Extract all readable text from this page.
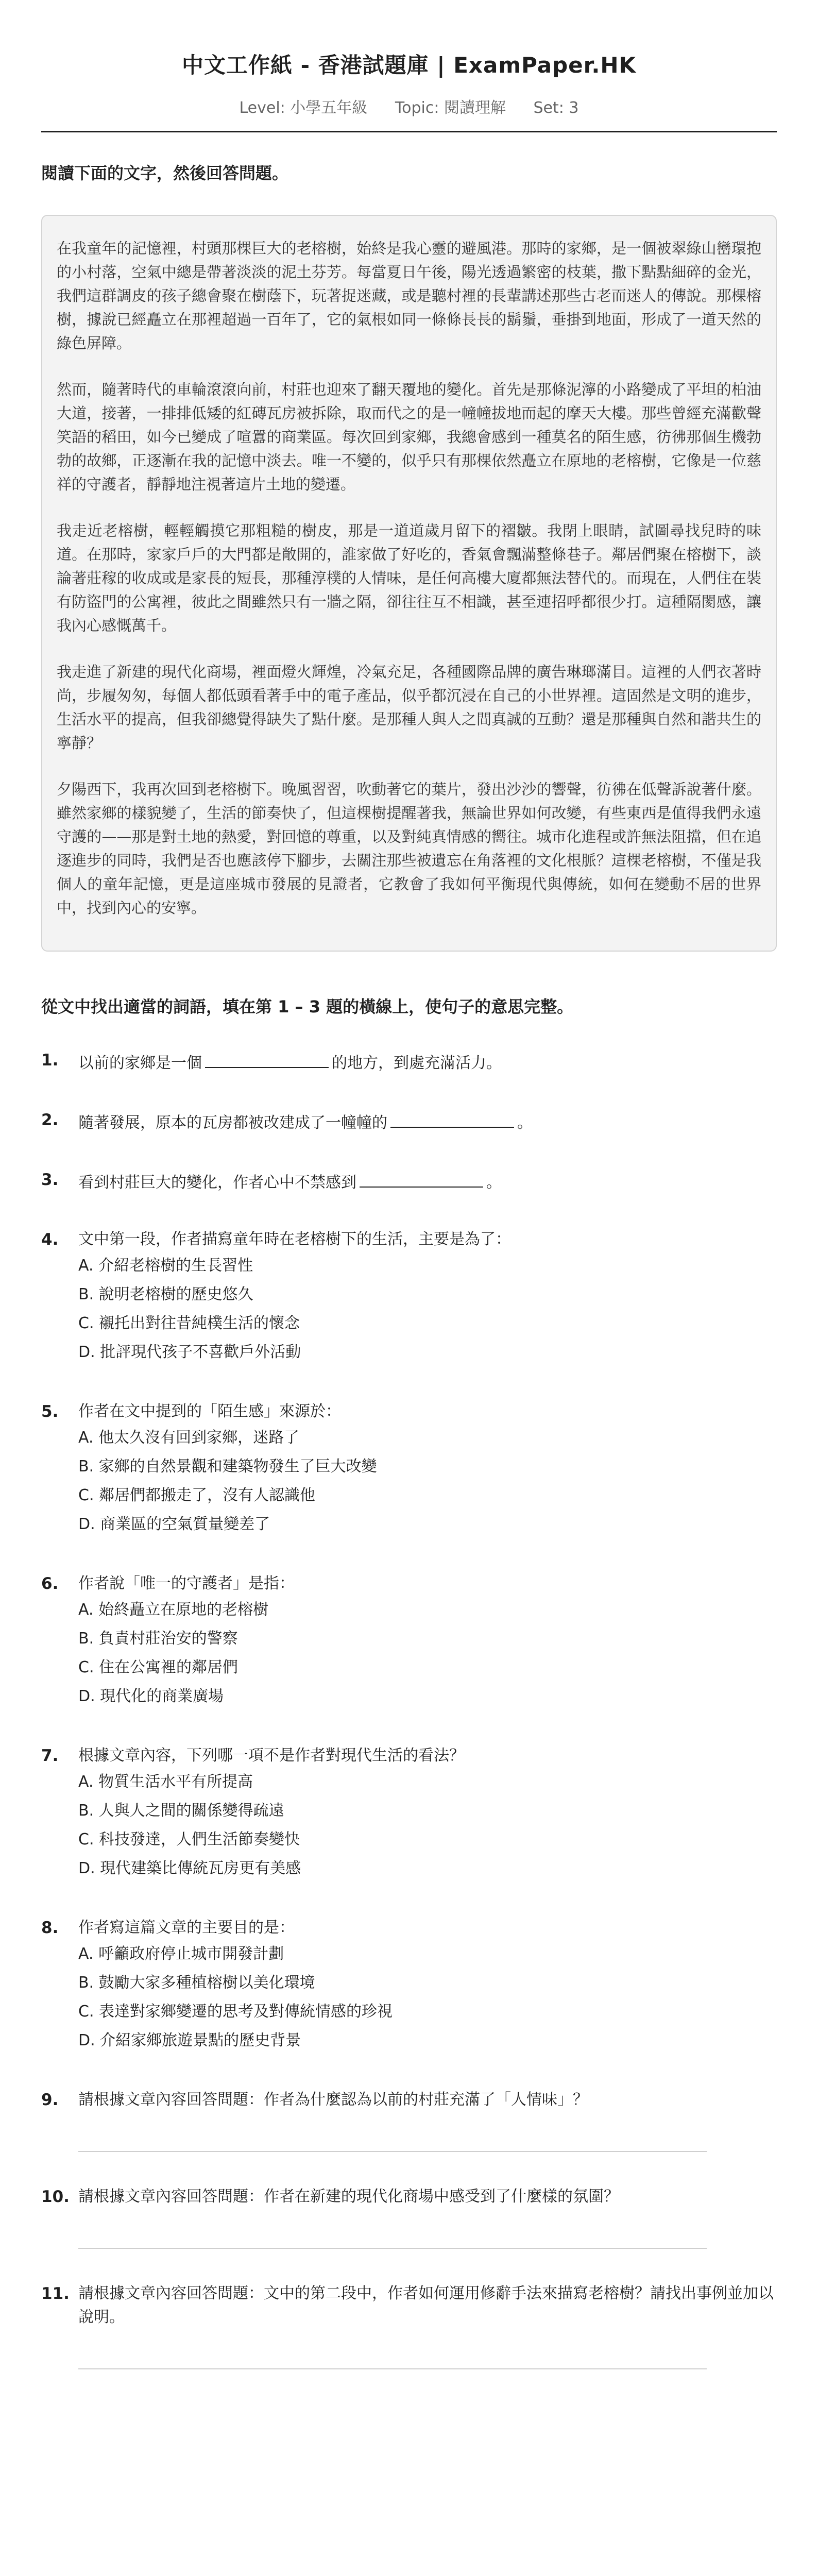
中文工作紙 - 香港試題庫 | ExamPaper.HK
Level: 小學五年級 Topic: 閱讀理解 Set: 3
閱讀下面的文字，然後回答問題。

在我童年的記憶裡，村頭那棵巨大的老榕樹，始終是我心靈的避風港。那時的家鄉，是一個被翠綠山巒環抱的小村落，空氣中總是帶著淡淡的泥土芬芳。每當夏日午後，陽光透過繁密的枝葉，撒下點點細碎的金光，我們這群調皮的孩子總會聚在樹蔭下，玩著捉迷藏，或是聽村裡的長輩講述那些古老而迷人的傳說。那棵榕樹，據說已經矗立在那裡超過一百年了，它的氣根如同一條條長長的鬍鬚，垂掛到地面，形成了一道天然的綠色屏障。

然而，隨著時代的車輪滾滾向前，村莊也迎來了翻天覆地的變化。首先是那條泥濘的小路變成了平坦的柏油大道，接著，一排排低矮的紅磚瓦房被拆除，取而代之的是一幢幢拔地而起的摩天大樓。那些曾經充滿歡聲笑語的稻田，如今已變成了喧囂的商業區。每次回到家鄉，我總會感到一種莫名的陌生感，彷彿那個生機勃勃的故鄉，正逐漸在我的記憶中淡去。唯一不變的，似乎只有那棵依然矗立在原地的老榕樹，它像是一位慈祥的守護者，靜靜地注視著這片土地的變遷。

我走近老榕樹，輕輕觸摸它那粗糙的樹皮，那是一道道歲月留下的褶皺。我閉上眼睛，試圖尋找兒時的味道。在那時，家家戶戶的大門都是敞開的，誰家做了好吃的，香氣會飄滿整條巷子。鄰居們聚在榕樹下，談論著莊稼的收成或是家長的短長，那種淳樸的人情味，是任何高樓大廈都無法替代的。而現在，人們住在裝有防盜門的公寓裡，彼此之間雖然只有一牆之隔，卻往往互不相識，甚至連招呼都很少打。這種隔閡感，讓我內心感慨萬千。

我走進了新建的現代化商場，裡面燈火輝煌，冷氣充足，各種國際品牌的廣告琳瑯滿目。這裡的人們衣著時尚，步履匆匆，每個人都低頭看著手中的電子產品，似乎都沉浸在自己的小世界裡。這固然是文明的進步，生活水平的提高，但我卻總覺得缺失了點什麼。是那種人與人之間真誠的互動？還是那種與自然和諧共生的寧靜？

夕陽西下，我再次回到老榕樹下。晚風習習，吹動著它的葉片，發出沙沙的響聲，彷彿在低聲訴說著什麼。雖然家鄉的樣貌變了，生活的節奏快了，但這棵樹提醒著我，無論世界如何改變，有些東西是值得我們永遠守護的——那是對土地的熱愛，對回憶的尊重，以及對純真情感的嚮往。城市化進程或許無法阻擋，但在追逐進步的同時，我們是否也應該停下腳步，去關注那些被遺忘在角落裡的文化根脈？這棵老榕樹，不僅是我個人的童年記憶，更是這座城市發展的見證者，它教會了我如何平衡現代與傳統，如何在變動不居的世界中，找到內心的安寧。

從文中找出適當的詞語，填在第 1 – 3 題的橫線上，使句子的意思完整。
1.	以前的家鄉是一個	的地方，到處充滿活力。
2.	隨著發展，原本的瓦房都被改建成了一幢幢的	。
3.	看到村莊巨大的變化，作者心中不禁感到	。
4.	文中第一段，作者描寫童年時在老榕樹下的生活，主要是為了：
A. 介紹老榕樹的生長習性
B. 說明老榕樹的歷史悠久
C. 襯托出對往昔純樸生活的懷念
D. 批評現代孩子不喜歡戶外活動
5.	作者在文中提到的「陌生感」來源於：
A. 他太久沒有回到家鄉，迷路了
B. 家鄉的自然景觀和建築物發生了巨大改變
C. 鄰居們都搬走了，沒有人認識他
D. 商業區的空氣質量變差了
6.	作者說「唯一的守護者」是指：
A. 始終矗立在原地的老榕樹
B. 負責村莊治安的警察
C. 住在公寓裡的鄰居們
D. 現代化的商業廣場
7.	根據文章內容，下列哪一項不是作者對現代生活的看法？
A. 物質生活水平有所提高
B. 人與人之間的關係變得疏遠
C. 科技發達，人們生活節奏變快
D. 現代建築比傳統瓦房更有美感
8.	作者寫這篇文章的主要目的是：
A. 呼籲政府停止城市開發計劃
B. 鼓勵大家多種植榕樹以美化環境
C. 表達對家鄉變遷的思考及對傳統情感的珍視
D. 介紹家鄉旅遊景點的歷史背景
9.	請根據文章內容回答問題：作者為什麼認為以前的村莊充滿了「人情味」？
10. 請根據文章內容回答問題：作者在新建的現代化商場中感受到了什麼樣的氛圍？
11. 請根據文章內容回答問題：文中的第二段中，作者如何運用修辭手法來描寫老榕樹？請找出事例並加以說明。
